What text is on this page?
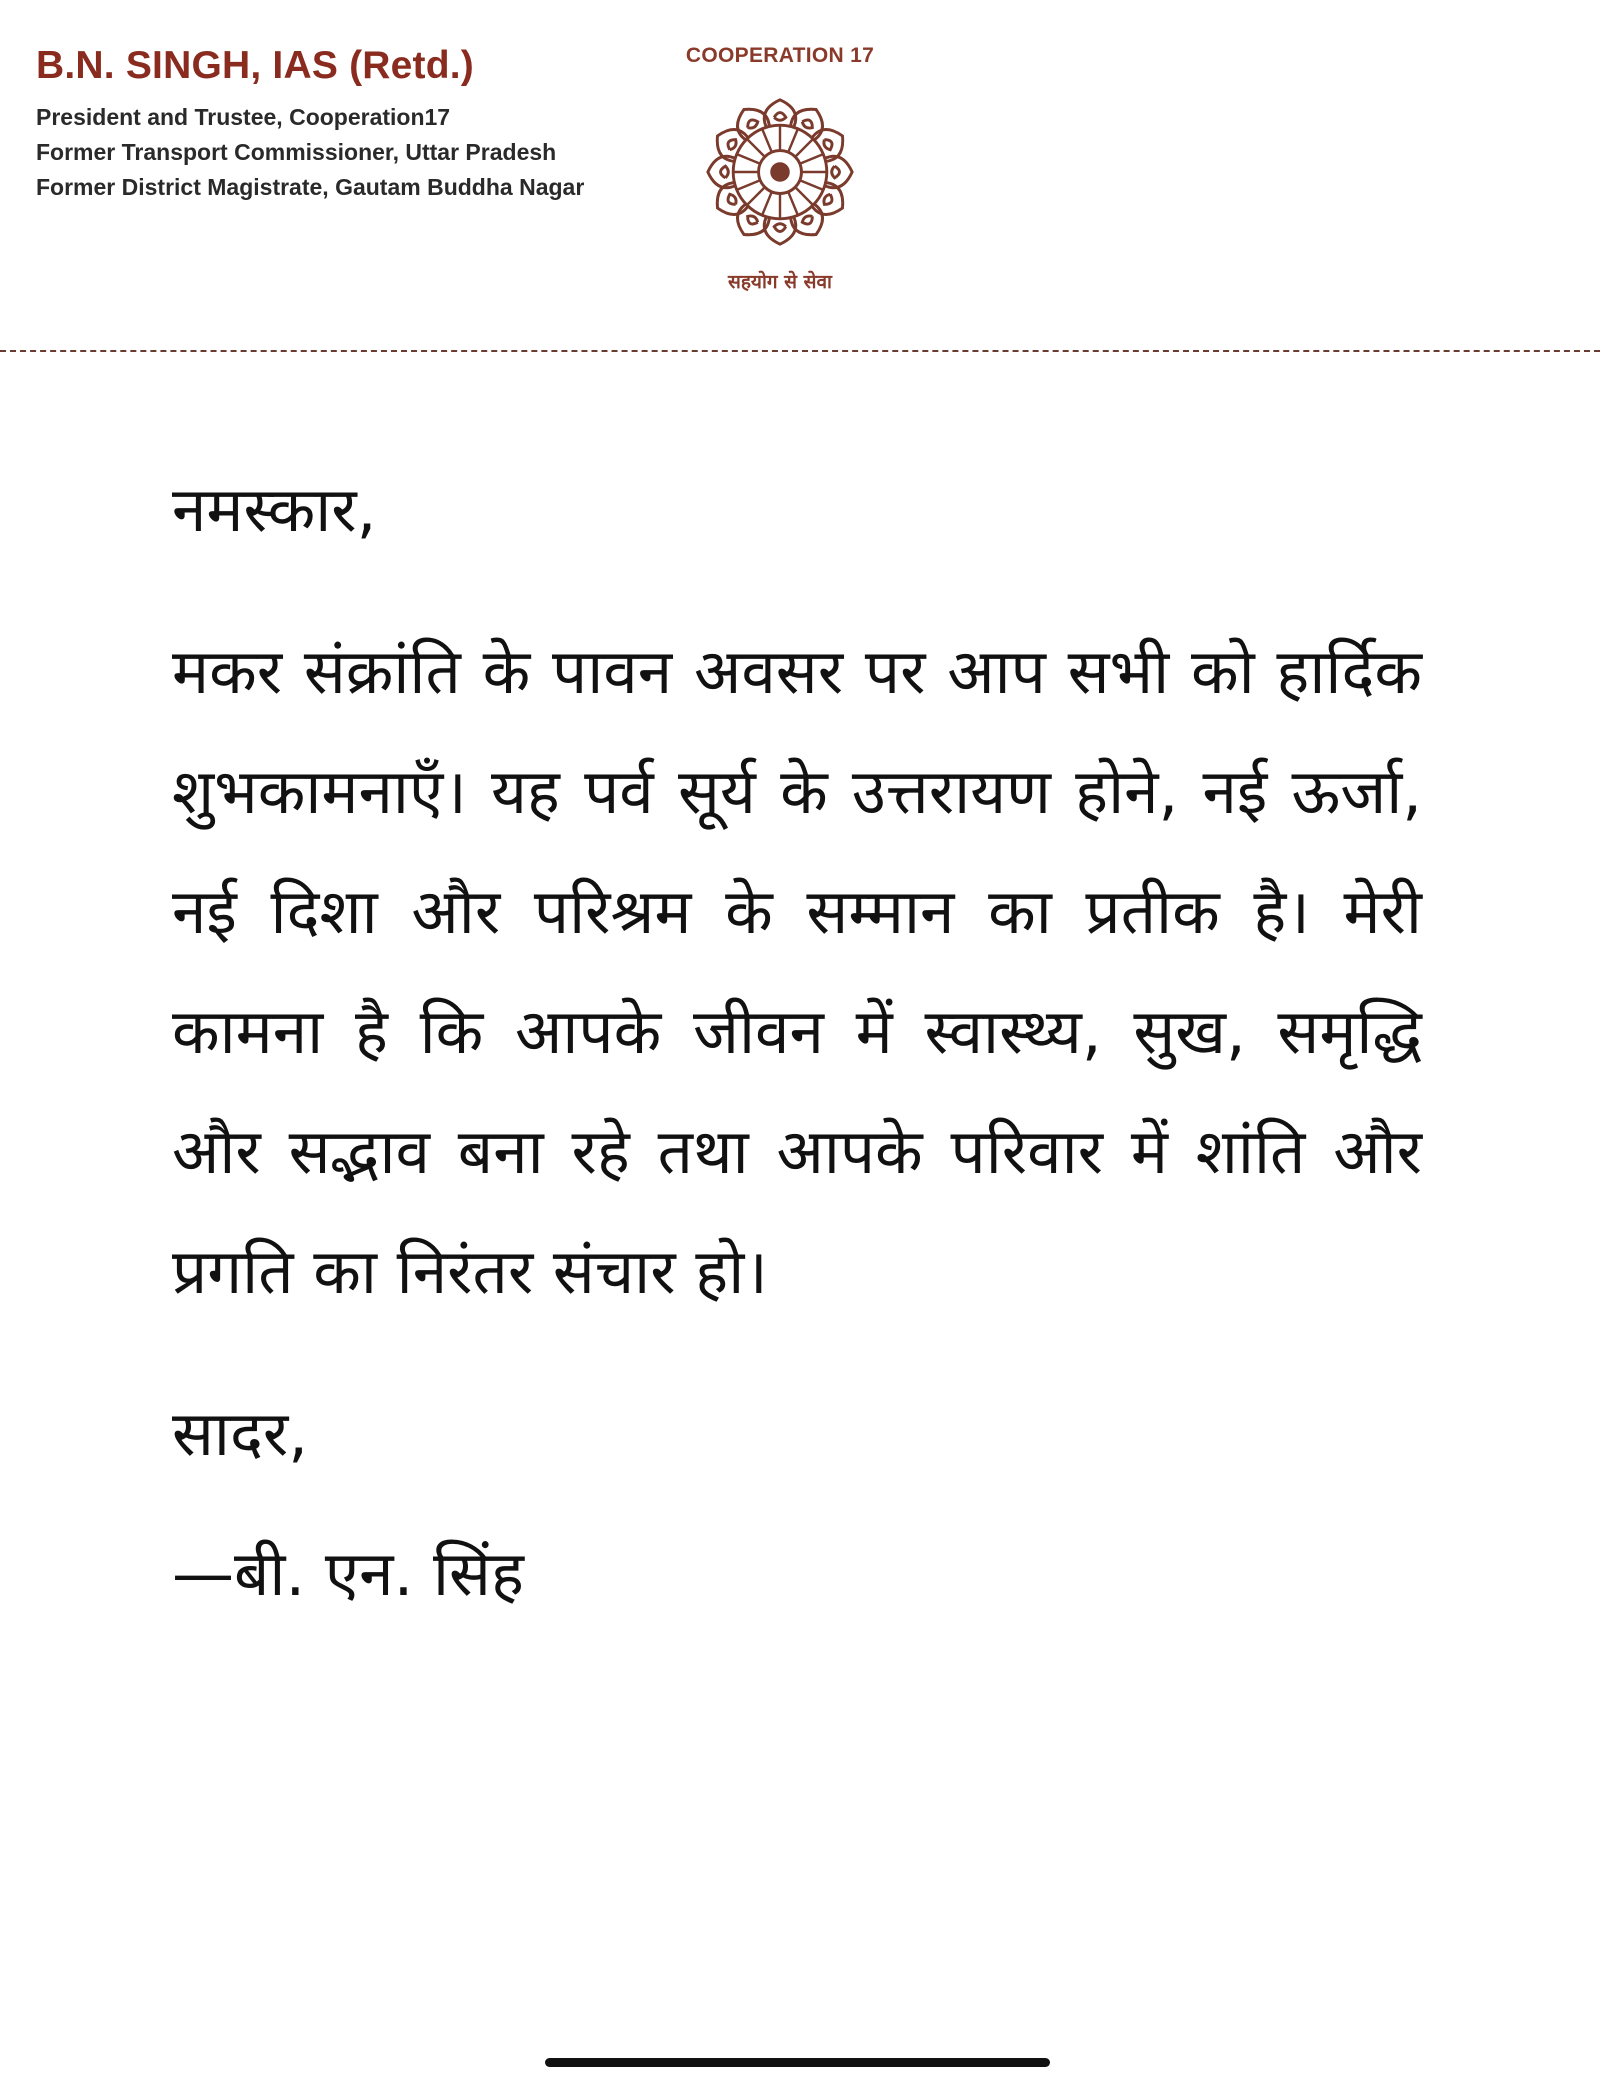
B.N. SINGH, IAS (Retd.)
President and Trustee, Cooperation17
Former Transport Commissioner, Uttar Pradesh
Former District Magistrate, Gautam Buddha Nagar
COOPERATION 17
सहयोग से सेवा

नमस्कार,

मकर संक्रांति के पावन अवसर पर आप सभी को हार्दिक शुभकामनाएँ। यह पर्व सूर्य के उत्तरायण होने, नई ऊर्जा, नई दिशा और परिश्रम के सम्मान का प्रतीक है। मेरी कामना है कि आपके जीवन में स्वास्थ्य, सुख, समृद्धि और सद्भाव बना रहे तथा आपके परिवार में शांति और प्रगति का निरंतर संचार हो।

सादर,

—बी. एन. सिंह
